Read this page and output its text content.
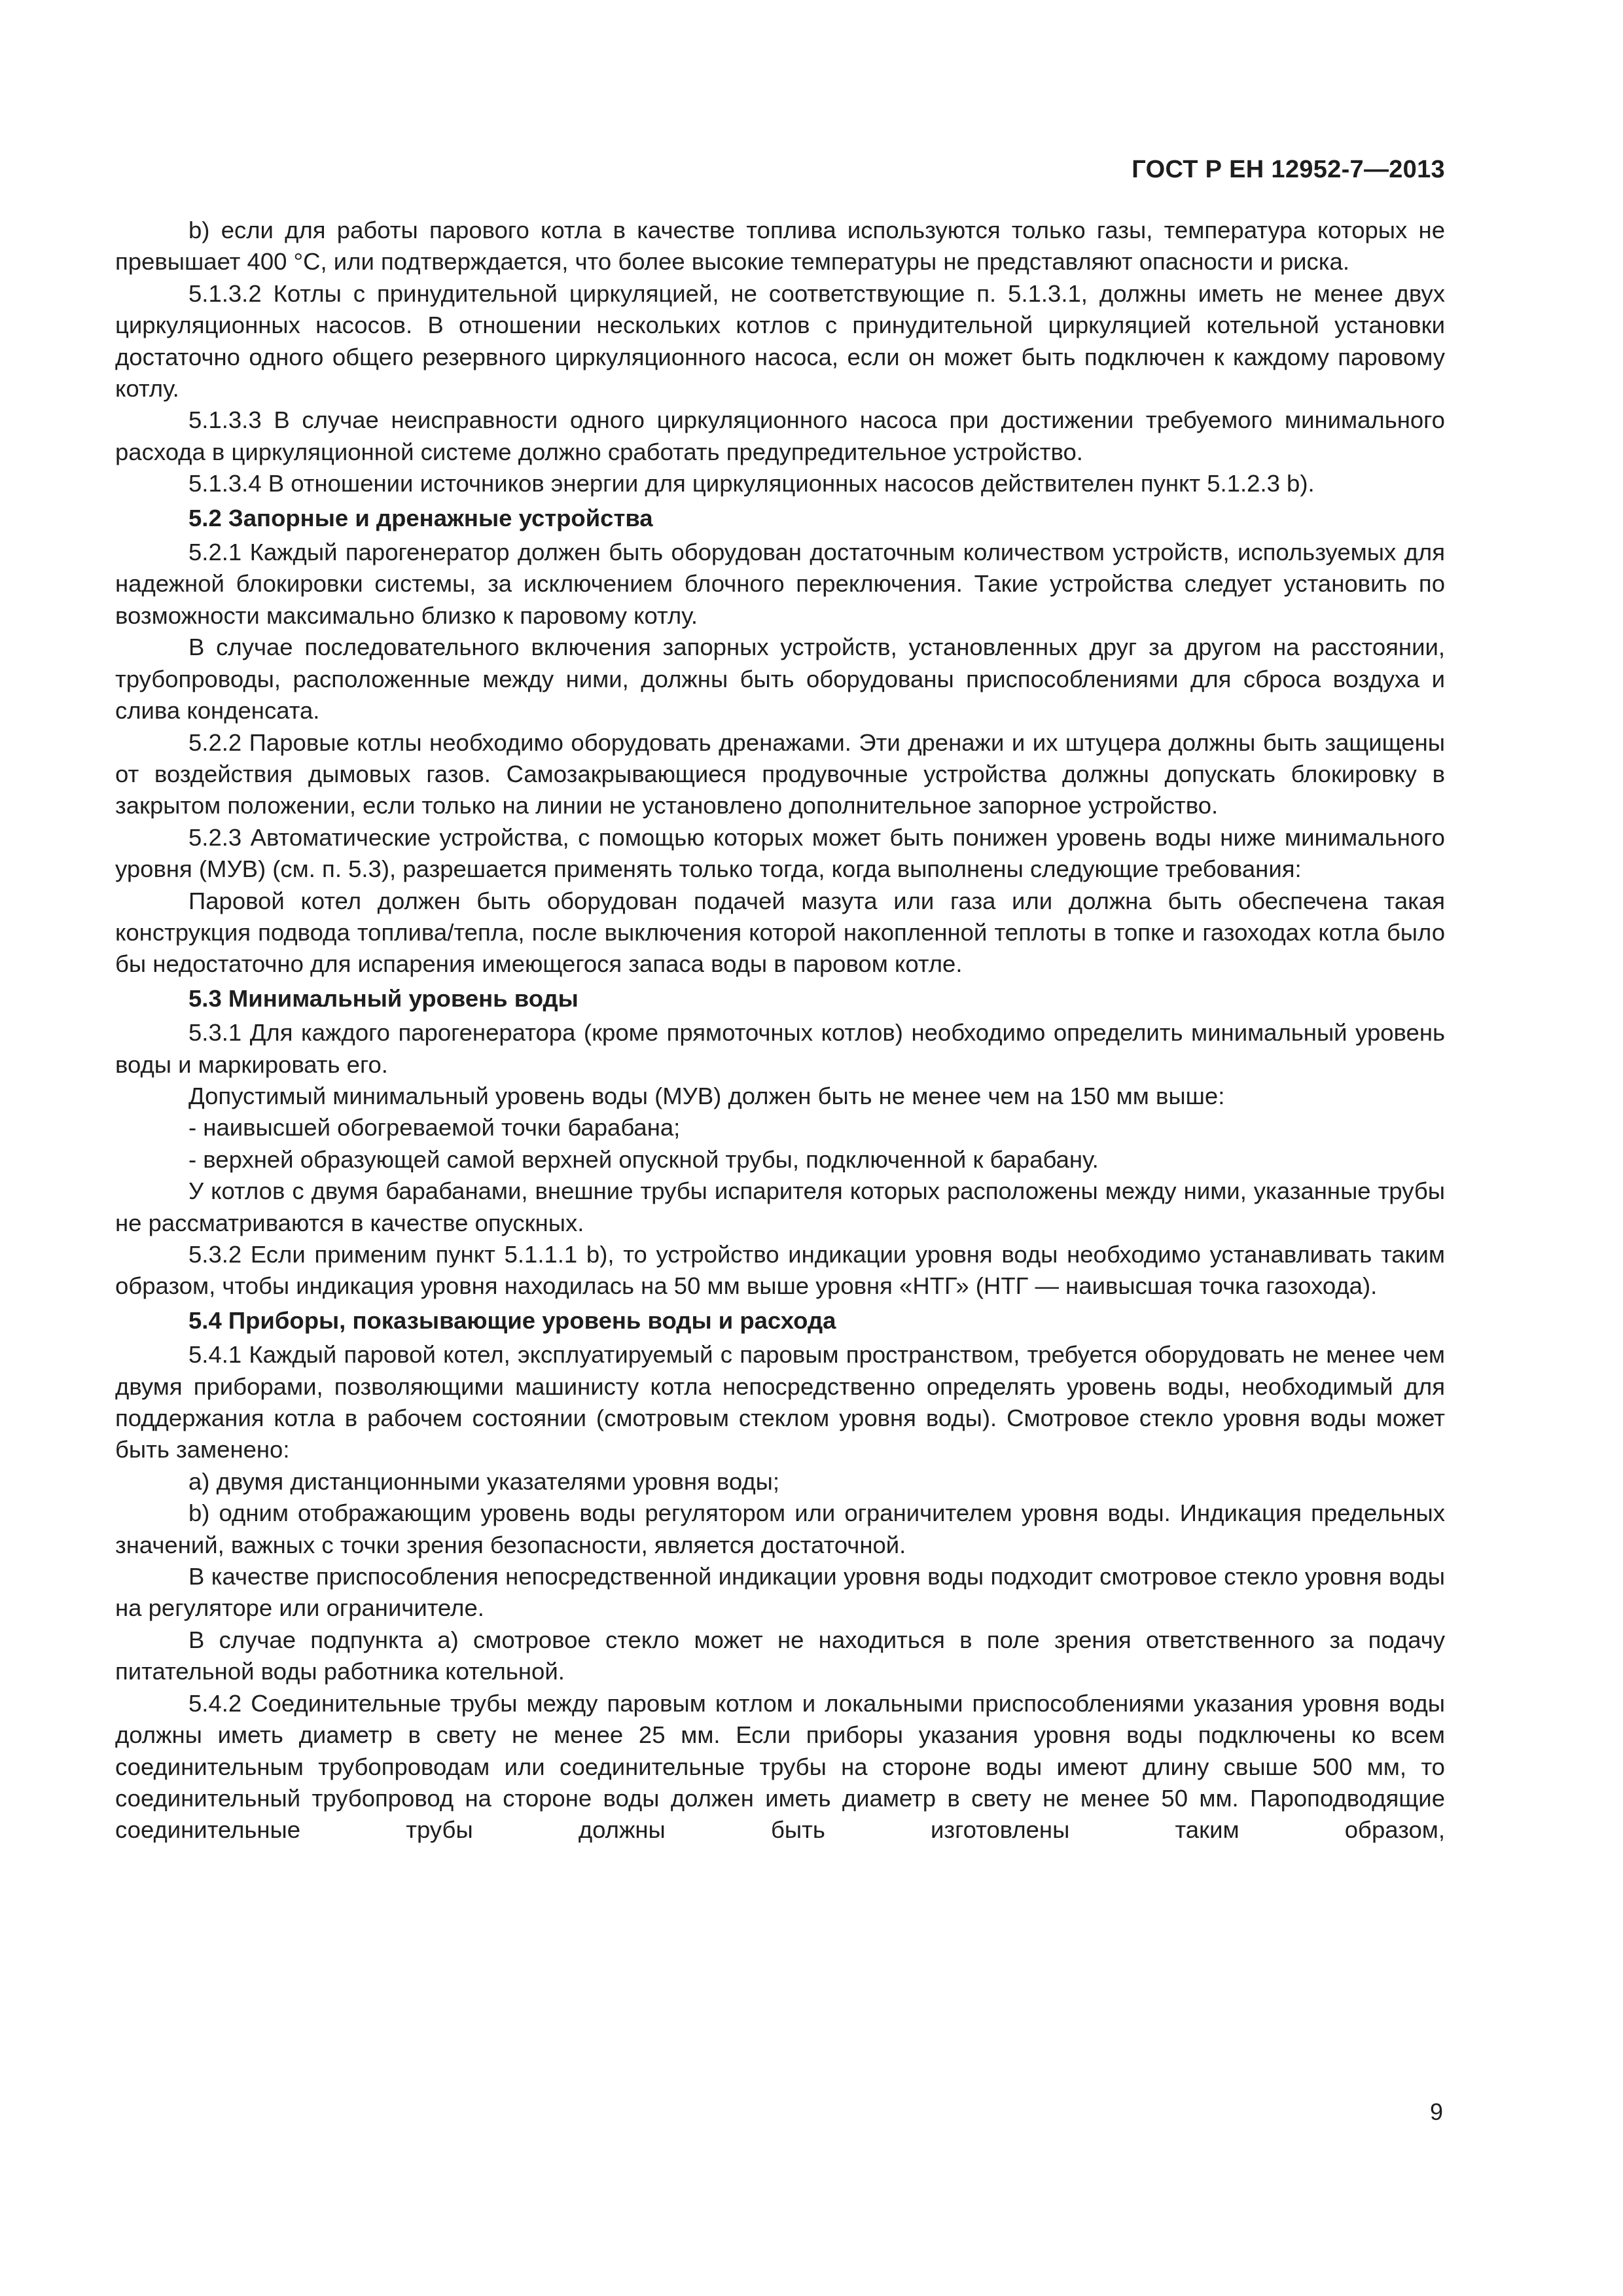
ГОСТ Р ЕН 12952-7—2013

b) если для работы парового котла в качестве топлива используются только газы, температура которых не превышает 400 °С, или подтверждается, что более высокие температуры не представляют опасности и риска.

5.1.3.2 Котлы с принудительной циркуляцией, не соответствующие п. 5.1.3.1, должны иметь не менее двух циркуляционных насосов. В отношении нескольких котлов с принудительной циркуляцией котельной установки достаточно одного общего резервного циркуляционного насоса, если он может быть подключен к каждому паровому котлу.

5.1.3.3 В случае неисправности одного циркуляционного насоса при достижении требуемого минимального расхода в циркуляционной системе должно сработать предупредительное устройство.

5.1.3.4 В отношении источников энергии для циркуляционных насосов действителен пункт 5.1.2.3 b).

5.2 Запорные и дренажные устройства

5.2.1 Каждый парогенератор должен быть оборудован достаточным количеством устройств, используемых для надежной блокировки системы, за исключением блочного переключения. Такие устройства следует установить по возможности максимально близко к паровому котлу.

В случае последовательного включения запорных устройств, установленных друг за другом на расстоянии, трубопроводы, расположенные между ними, должны быть оборудованы приспособлениями для сброса воздуха и слива конденсата.

5.2.2 Паровые котлы необходимо оборудовать дренажами. Эти дренажи и их штуцера должны быть защищены от воздействия дымовых газов. Самозакрывающиеся продувочные устройства должны допускать блокировку в закрытом положении, если только на линии не установлено дополнительное запорное устройство.

5.2.3 Автоматические устройства, с помощью которых может быть понижен уровень воды ниже минимального уровня (МУВ) (см. п. 5.3), разрешается применять только тогда, когда выполнены следующие требования:

Паровой котел должен быть оборудован подачей мазута или газа или должна быть обеспечена такая конструкция подвода топлива/тепла, после выключения которой накопленной теплоты в топке и газоходах котла было бы недостаточно для испарения имеющегося запаса воды в паровом котле.

5.3 Минимальный уровень воды

5.3.1 Для каждого парогенератора (кроме прямоточных котлов) необходимо определить минимальный уровень воды и маркировать его.

Допустимый минимальный уровень воды (МУВ) должен быть не менее чем на 150 мм выше:

- наивысшей обогреваемой точки барабана;

- верхней образующей самой верхней опускной трубы, подключенной к барабану.

У котлов с двумя барабанами, внешние трубы испарителя которых расположены между ними, указанные трубы не рассматриваются в качестве опускных.

5.3.2 Если применим пункт 5.1.1.1 b), то устройство индикации уровня воды необходимо устанавливать таким образом, чтобы индикация уровня находилась на 50 мм выше уровня «НТГ» (НТГ — наивысшая точка газохода).

5.4 Приборы, показывающие уровень воды и расхода

5.4.1 Каждый паровой котел, эксплуатируемый с паровым пространством, требуется оборудовать не менее чем двумя приборами, позволяющими машинисту котла непосредственно определять уровень воды, необходимый для поддержания котла в рабочем состоянии (смотровым стеклом уровня воды). Смотровое стекло уровня воды может быть заменено:

а) двумя дистанционными указателями уровня воды;

b) одним отображающим уровень воды регулятором или ограничителем уровня воды. Индикация предельных значений, важных с точки зрения безопасности, является достаточной.

В качестве приспособления непосредственной индикации уровня воды подходит смотровое стекло уровня воды на регуляторе или ограничителе.

В случае подпункта а) смотровое стекло может не находиться в поле зрения ответственного за подачу питательной воды работника котельной.

5.4.2 Соединительные трубы между паровым котлом и локальными приспособлениями указания уровня воды должны иметь диаметр в свету не менее 25 мм. Если приборы указания уровня воды подключены ко всем соединительным трубопроводам или соединительные трубы на стороне воды имеют длину свыше 500 мм, то соединительный трубопровод на стороне воды должен иметь диаметр в свету не менее 50 мм. Пароподводящие соединительные трубы должны быть изготовлены таким образом,

9
